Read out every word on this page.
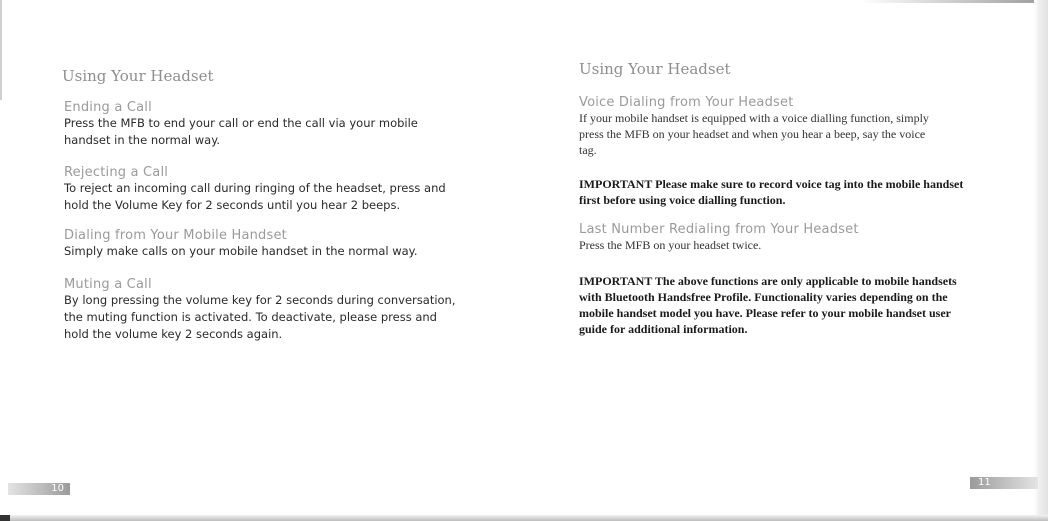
Using Your Headset
Ending a Call

Press the MFB to end your call or end the call via your mobile

handset in the normal way.

Rejecting a Call

To reject an incoming call during ringing of the headset, press and

hold the Volume Key for 2 seconds until you hear 2 beeps.

Dialing from Your Mobile Handset

Simply make calls on your mobile handset in the normal way.

Muting a Call

By long pressing the volume key for 2 seconds during conversation,

the muting function is activated. To deactivate, please press and

hold the volume key 2 seconds again.

10
Using Your Headset
Voice Dialing from Your Headset

If your mobile handset is equipped with a voice dialling function, simply

press the MFB on your headset and when you hear a beep, say the voice

tag.

IMPORTANT Please make sure to record voice tag into the mobile handset

first before using voice dialling function.

Last Number Redialing from Your Headset

Press the MFB on your headset twice.

IMPORTANT The above functions are only applicable to mobile handsets

with Bluetooth Handsfree Profile. Functionality varies depending on the

mobile handset model you have. Please refer to your mobile handset user

guide for additional information.

11
